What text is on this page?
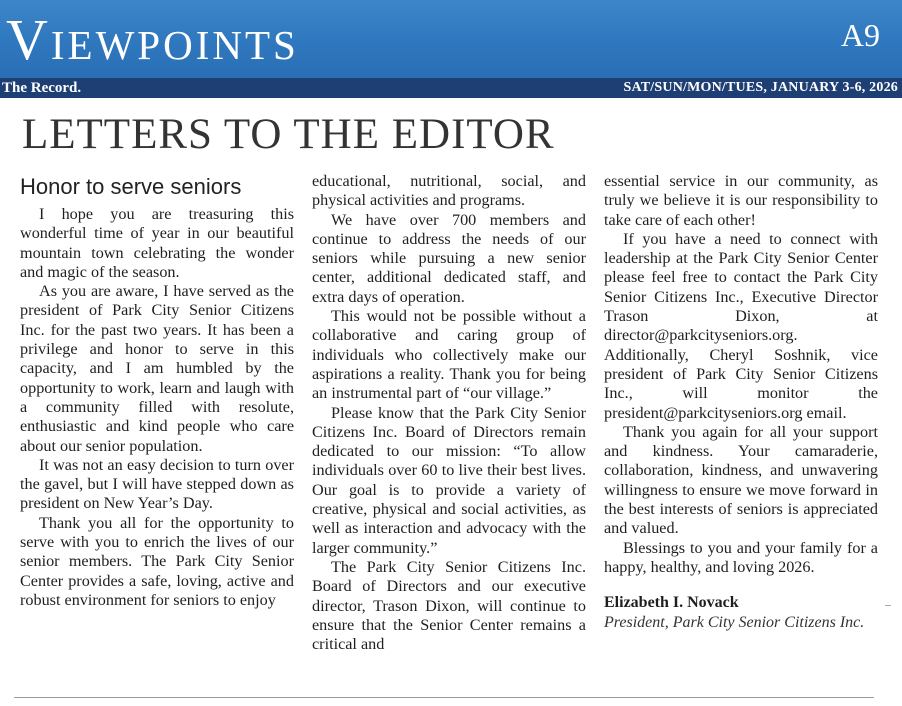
Viewpoints	A9
The Record.	SAT/SUN/MON/TUES, JANUARY 3-6, 2026
LETTERS TO THE EDITOR
Honor to serve seniors

I hope you are treasuring this wonderful time of year in our beautiful mountain town celebrating the wonder and magic of the season.

As you are aware, I have served as the president of Park City Senior Citizens Inc. for the past two years. It has been a privilege and honor to serve in this capacity, and I am humbled by the opportunity to work, learn and laugh with a community filled with resolute, enthusiastic and kind people who care about our senior population.

It was not an easy decision to turn over the gavel, but I will have stepped down as president on New Year’s Day.

Thank you all for the opportunity to serve with you to enrich the lives of our senior members. The Park City Senior Center provides a safe, loving, active and robust environment for seniors to enjoy

educational, nutritional, social, and physical activities and programs.

We have over 700 members and continue to address the needs of our seniors while pursuing a new senior center, additional dedicated staff, and extra days of operation.

This would not be possible without a collaborative and caring group of individuals who collectively make our aspirations a reality. Thank you for being an instrumental part of “our village.”

Please know that the Park City Senior Citizens Inc. Board of Directors remain dedicated to our mission: “To allow individuals over 60 to live their best lives. Our goal is to provide a variety of creative, physical and social activities, as well as interaction and advocacy with the larger community.”

The Park City Senior Citizens Inc. Board of Directors and our executive director, Trason Dixon, will continue to ensure that the Senior Center remains a critical and

essential service in our community, as truly we believe it is our responsibility to take care of each other!

If you have a need to connect with leadership at the Park City Senior Center please feel free to contact the Park City Senior Citizens Inc., Executive Director Trason Dixon, at director@parkcityseniors.org. Additionally, Cheryl Soshnik, vice president of Park City Senior Citizens Inc., will monitor the president@parkcityseniors.org email.

Thank you again for all your support and kindness. Your camaraderie, collaboration, kindness, and unwavering willingness to ensure we move forward in the best interests of seniors is appreciated and valued.

Blessings to you and your family for a happy, healthy, and loving 2026.

Elizabeth I. Novack
President, Park City Senior Citizens Inc.
